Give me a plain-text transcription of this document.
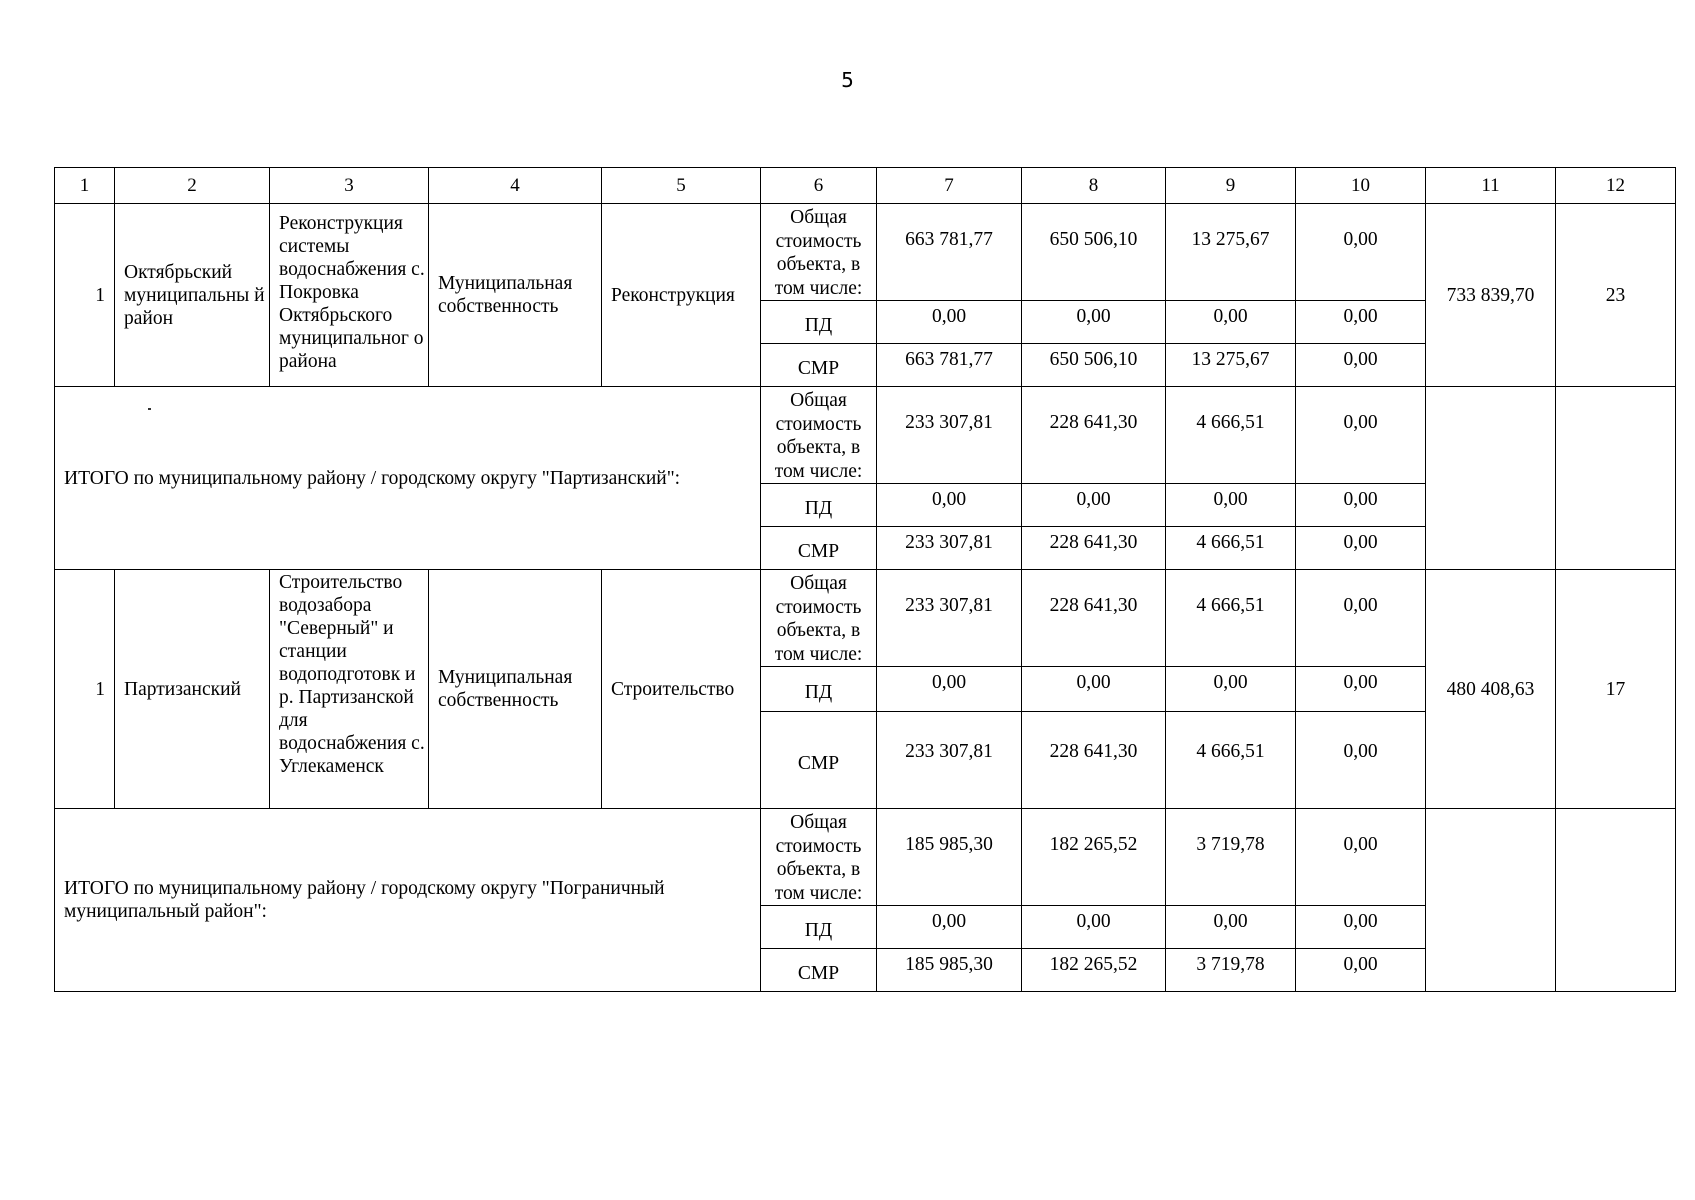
5
1	2	3	4	5	6	7	8	9	10	11	12
1	Октябрьский муниципальны й район	Реконструкция системы водоснабжения с. Покровка Октябрьского муниципальног о района	Муниципальная собственность	Реконструкция	Общая стоимость объекта, в том числе:	663 781,77	650 506,10	13 275,67	0,00	733 839,70	23
					ПД	0,00	0,00	0,00	0,00		
					СМР	663 781,77	650 506,10	13 275,67	0,00		
ИТОГО по муниципальному району / городскому округу "Партизанский":					Общая стоимость объекта, в том числе:	233 307,81	228 641,30	4 666,51	0,00		
					ПД	0,00	0,00	0,00	0,00		
					СМР	233 307,81	228 641,30	4 666,51	0,00		
1	Партизанский	Строительство водозабора "Северный" и станции водоподготовк и р. Партизанской для водоснабжения с. Углекаменск	Муниципальная собственность	Строительство	Общая стоимость объекта, в том числе:	233 307,81	228 641,30	4 666,51	0,00	480 408,63	17
					ПД	0,00	0,00	0,00	0,00		
					СМР	233 307,81	228 641,30	4 666,51	0,00		
ИТОГО по муниципальному району / городскому округу "Пограничный муниципальный район":					Общая стоимость объекта, в том числе:	185 985,30	182 265,52	3 719,78	0,00		
					ПД	0,00	0,00	0,00	0,00		
					СМР	185 985,30	182 265,52	3 719,78	0,00		
